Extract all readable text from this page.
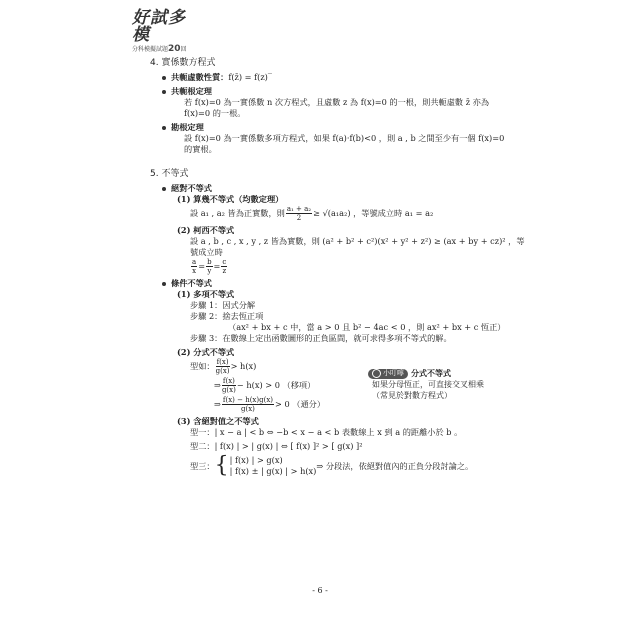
好試多模
分科模擬試題20回
4. 實係數方程式
共軛虛數性質： f(z̄) = f(z)‾
共軛根定理
若 f(x)=0 為一實係數 n 次方程式，且虛數 z 為 f(x)=0 的一根，則共軛虛數 z̄ 亦為
f(x)=0 的一根。
勘根定理
設 f(x)=0 為一實係數多項方程式，如果 f(a)·f(b)<0 ，則 a , b 之間至少有一個 f(x)=0
的實根。
5. 不等式
絕對不等式
(1) 算幾不等式（均數定理）
設 a₁ , a₂ 皆為正實數，則 $\frac{\text{a₁ + a₂}}{2} \ge √(a_1a_2)$ ，等號成立時 a₁ = a₂
(2) 柯西不等式
設 a , b , c , x , y , z 皆為實數，則 (a² + b² + c²)(x² + y² + z²) ≥ (ax + by + cz)² ，等號成立時
$\frac{a}{x} = \frac{b}{y} = \frac{c}{z}$
條件不等式
(1) 多項不等式
步驟 1：因式分解
步驟 2：捨去恆正項
（ax² + bx + c 中，當 a > 0 且 b² − 4ac < 0 ，則 ax² + bx + c 恆正）
步驟 3：在數線上定出函數圖形的正負區間，就可求得多項不等式的解。
(2) 分式不等式
型如： $\frac{f(x)}{g(x)} > h(x)$
⇒ $\frac{f(x)}{g(x)} - h(x) > 0$ （移項）
⇒ $\frac{f(x) - h(x)g(x)}{g(x)} > 0$ （通分）
(3) 含絕對值之不等式
型一：| x − a | < b ⇔ −b < x − a < b 表數線上 x 到 a 的距離小於 b 。
型二：| f(x) | > | g(x) | ⇔ [ f(x) ]² > [ g(x) ]²
型三： { | f(x) | > g(x)
| f(x) ± | g(x) | > h(x)
⇒ 分段法，依絕對值內的正負分段討論之。
小叮嚀 分式不等式
如果分母恆正，可直接交叉相乘
（常見於對數方程式）
- 6 -
